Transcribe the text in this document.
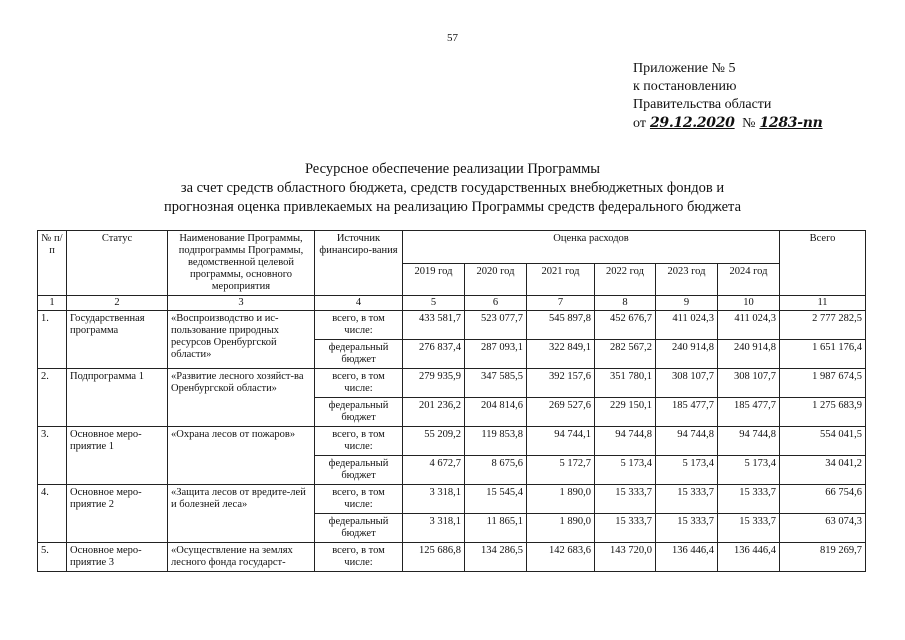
57
Приложение № 5
к постановлению
Правительства области
от 29.12.2020 № 1283-пп
Ресурсное обеспечение реализации Программы
за счет средств областного бюджета, средств государственных внебюджетных фондов и
прогнозная оценка привлекаемых на реализацию Программы средств федерального бюджета
№ п/п	Статус	Наименование Программы, подпрограммы Программы, ведомственной целевой программы, основного мероприятия	Источник финансиро-вания	Оценка расходов						Всего
				2019 год	2020 год	2021 год	2022 год	2023 год	2024 год	
1	2	3	4	5	6	7	8	9	10	11
1.	Государственная программа	«Воспроизводство и ис-пользование природных ресурсов Оренбургской области»	всего, в том числе:	433 581,7	523 077,7	545 897,8	452 676,7	411 024,3	411 024,3	2 777 282,5
			федеральный бюджет	276 837,4	287 093,1	322 849,1	282 567,2	240 914,8	240 914,8	1 651 176,4
2.	Подпрограмма 1	«Развитие лесного хозяйст-ва Оренбургской области»	всего, в том числе:	279 935,9	347 585,5	392 157,6	351 780,1	308 107,7	308 107,7	1 987 674,5
			федеральный бюджет	201 236,2	204 814,6	269 527,6	229 150,1	185 477,7	185 477,7	1 275 683,9
3.	Основное меро-приятие 1	«Охрана лесов от пожаров»	всего, в том числе:	55 209,2	119 853,8	94 744,1	94 744,8	94 744,8	94 744,8	554 041,5
			федеральный бюджет	4 672,7	8 675,6	5 172,7	5 173,4	5 173,4	5 173,4	34 041,2
4.	Основное меро-приятие 2	«Защита лесов от вредите-лей и болезней леса»	всего, в том числе:	3 318,1	15 545,4	1 890,0	15 333,7	15 333,7	15 333,7	66 754,6
			федеральный бюджет	3 318,1	11 865,1	1 890,0	15 333,7	15 333,7	15 333,7	63 074,3
5.	Основное меро-приятие 3	«Осуществление на землях лесного фонда государст-	всего, в том числе:	125 686,8	134 286,5	142 683,6	143 720,0	136 446,4	136 446,4	819 269,7
